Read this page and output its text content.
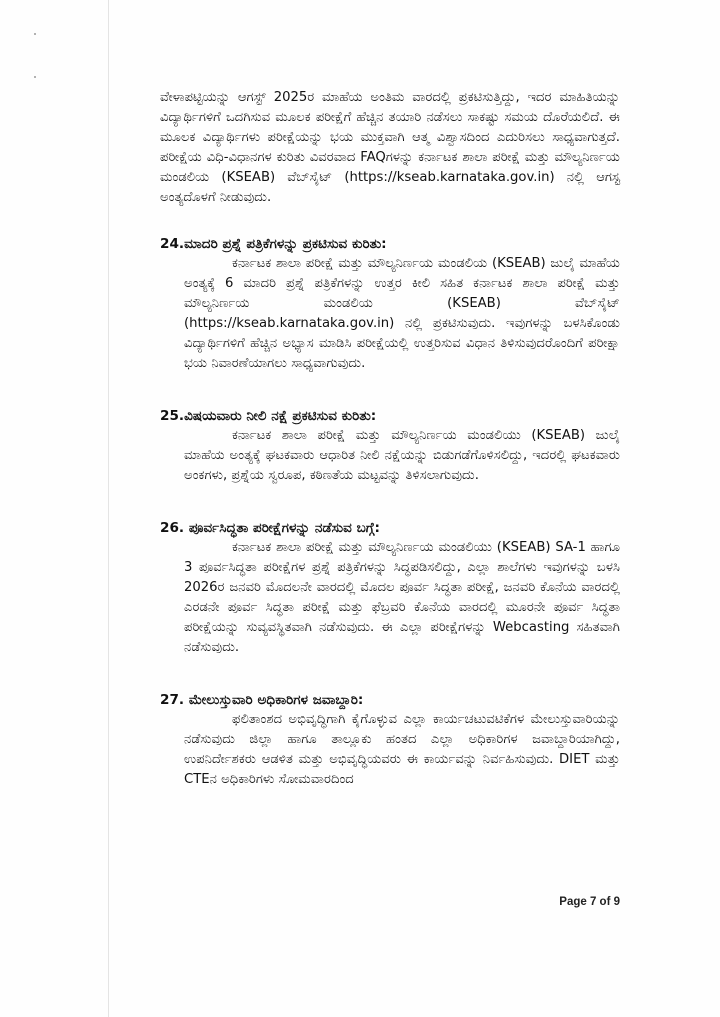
ವೇಳಾಪಟ್ಟಿಯನ್ನು ಆಗಸ್ಟ್ 2025ರ ಮಾಹೆಯ ಅಂತಿಮ ವಾರದಲ್ಲಿ ಪ್ರಕಟಿಸುತ್ತಿದ್ದು, ಇದರ ಮಾಹಿತಿಯನ್ನು ವಿದ್ಯಾರ್ಥಿಗಳಿಗೆ ಒದಗಿಸುವ ಮೂಲಕ ಪರೀಕ್ಷೆಗೆ ಹೆಚ್ಚಿನ ತಯಾರಿ ನಡೆಸಲು ಸಾಕಷ್ಟು ಸಮಯ ದೊರೆಯಲಿದೆ. ಈ ಮೂಲಕ ವಿದ್ಯಾರ್ಥಿಗಳು ಪರೀಕ್ಷೆಯನ್ನು ಭಯ ಮುಕ್ತವಾಗಿ ಆತ್ಮ ವಿಶ್ವಾಸದಿಂದ ಎದುರಿಸಲು ಸಾಧ್ಯವಾಗುತ್ತದೆ. ಪರೀಕ್ಷೆಯ ವಿಧಿ-ವಿಧಾನಗಳ ಕುರಿತು ವಿವರವಾದ FAQಗಳನ್ನು ಕರ್ನಾಟಕ ಶಾಲಾ ಪರೀಕ್ಷೆ ಮತ್ತು ಮೌಲ್ಯನಿರ್ಣಯ ಮಂಡಲಿಯ (KSEAB) ವೆಬ್‌ಸೈಟ್ (https://kseab.karnataka.gov.in) ನಲ್ಲಿ ಆಗಸ್ಟ ಅಂತ್ಯದೊಳಗೆ ನೀಡುವುದು.

24.ಮಾದರಿ ಪ್ರಶ್ನೆ ಪತ್ರಿಕೆಗಳನ್ನು ಪ್ರಕಟಿಸುವ ಕುರಿತು:

ಕರ್ನಾಟಕ ಶಾಲಾ ಪರೀಕ್ಷೆ ಮತ್ತು ಮೌಲ್ಯನಿರ್ಣಯ ಮಂಡಲಿಯ (KSEAB) ಜುಲೈ ಮಾಹೆಯ ಅಂತ್ಯಕ್ಕೆ 6 ಮಾದರಿ ಪ್ರಶ್ನೆ ಪತ್ರಿಕೆಗಳನ್ನು ಉತ್ತರ ಕೀಲಿ ಸಹಿತ ಕರ್ನಾಟಕ ಶಾಲಾ ಪರೀಕ್ಷೆ ಮತ್ತು ಮೌಲ್ಯನಿರ್ಣಯ ಮಂಡಲಿಯ (KSEAB) ವೆಬ್‌ಸೈಟ್ (https://kseab.karnataka.gov.in) ನಲ್ಲಿ ಪ್ರಕಟಿಸುವುದು. ಇವುಗಳನ್ನು ಬಳಸಿಕೊಂಡು ವಿದ್ಯಾರ್ಥಿಗಳಿಗೆ ಹೆಚ್ಚಿನ ಅಭ್ಯಾಸ ಮಾಡಿಸಿ ಪರೀಕ್ಷೆಯಲ್ಲಿ ಉತ್ತರಿಸುವ ವಿಧಾನ ತಿಳಿಸುವುದರೊಂದಿಗೆ ಪರೀಕ್ಷಾ ಭಯ ನಿವಾರಣೆಯಾಗಲು ಸಾಧ್ಯವಾಗುವುದು.

25.ವಿಷಯವಾರು ನೀಲಿ ನಕ್ಷೆ ಪ್ರಕಟಿಸುವ ಕುರಿತು:

ಕರ್ನಾಟಕ ಶಾಲಾ ಪರೀಕ್ಷೆ ಮತ್ತು ಮೌಲ್ಯನಿರ್ಣಯ ಮಂಡಲಿಯು (KSEAB) ಜುಲೈ ಮಾಹೆಯ ಅಂತ್ಯಕ್ಕೆ ಘಟಕವಾರು ಆಧಾರಿತ ನೀಲಿ ನಕ್ಷೆಯನ್ನು ಬಿಡುಗಡೆಗೊಳಿಸಲಿದ್ದು, ಇದರಲ್ಲಿ ಘಟಕವಾರು ಅಂಕಗಳು, ಪ್ರಶ್ನೆಯ ಸ್ವರೂಪ, ಕಠಿಣತೆಯ ಮಟ್ಟವನ್ನು ತಿಳಿಸಲಾಗುವುದು.

26. ಪೂರ್ವಸಿದ್ಧತಾ ಪರೀಕ್ಷೆಗಳನ್ನು ನಡೆಸುವ ಬಗ್ಗೆ:

ಕರ್ನಾಟಕ ಶಾಲಾ ಪರೀಕ್ಷೆ ಮತ್ತು ಮೌಲ್ಯನಿರ್ಣಯ ಮಂಡಲಿಯು (KSEAB) SA-1 ಹಾಗೂ 3 ಪೂರ್ವಸಿದ್ಧತಾ ಪರೀಕ್ಷೆಗಳ ಪ್ರಶ್ನೆ ಪತ್ರಿಕೆಗಳನ್ನು ಸಿದ್ಧಪಡಿಸಲಿದ್ದು, ಎಲ್ಲಾ ಶಾಲೆಗಳು ಇವುಗಳನ್ನು ಬಳಸಿ 2026ರ ಜನವರಿ ಮೊದಲನೇ ವಾರದಲ್ಲಿ ಮೊದಲ ಪೂರ್ವ ಸಿದ್ಧತಾ ಪರೀಕ್ಷೆ, ಜನವರಿ ಕೊನೆಯ ವಾರದಲ್ಲಿ ಎರಡನೇ ಪೂರ್ವ ಸಿದ್ಧತಾ ಪರೀಕ್ಷೆ ಮತ್ತು ಫೆಬ್ರವರಿ ಕೊನೆಯ ವಾರದಲ್ಲಿ ಮೂರನೇ ಪೂರ್ವ ಸಿದ್ಧತಾ ಪರೀಕ್ಷೆಯನ್ನು ಸುವ್ಯವಸ್ಥಿತವಾಗಿ ನಡೆಸುವುದು. ಈ ಎಲ್ಲಾ ಪರೀಕ್ಷೆಗಳನ್ನು Webcasting ಸಹಿತವಾಗಿ ನಡೆಸುವುದು.

27. ಮೇಲುಸ್ತುವಾರಿ ಅಧಿಕಾರಿಗಳ ಜವಾಬ್ದಾರಿ:

ಫಲಿತಾಂಶದ ಅಭಿವೃದ್ಧಿಗಾಗಿ ಕೈಗೊಳ್ಳುವ ಎಲ್ಲಾ ಕಾರ್ಯಚಟುವಟಿಕೆಗಳ ಮೇಲುಸ್ತುವಾರಿಯನ್ನು ನಡೆಸುವುದು ಜಿಲ್ಲಾ ಹಾಗೂ ತಾಲ್ಲೂಕು ಹಂತದ ಎಲ್ಲಾ ಅಧಿಕಾರಿಗಳ ಜವಾಬ್ದಾರಿಯಾಗಿದ್ದು, ಉಪನಿರ್ದೇಶಕರು ಆಡಳಿತ ಮತ್ತು ಅಭಿವೃದ್ಧಿಯವರು ಈ ಕಾರ್ಯವನ್ನು ನಿರ್ವಹಿಸುವುದು. DIET ಮತ್ತು CTEನ ಅಧಿಕಾರಿಗಳು ಸೋಮವಾರದಿಂದ

Page 7 of 9
